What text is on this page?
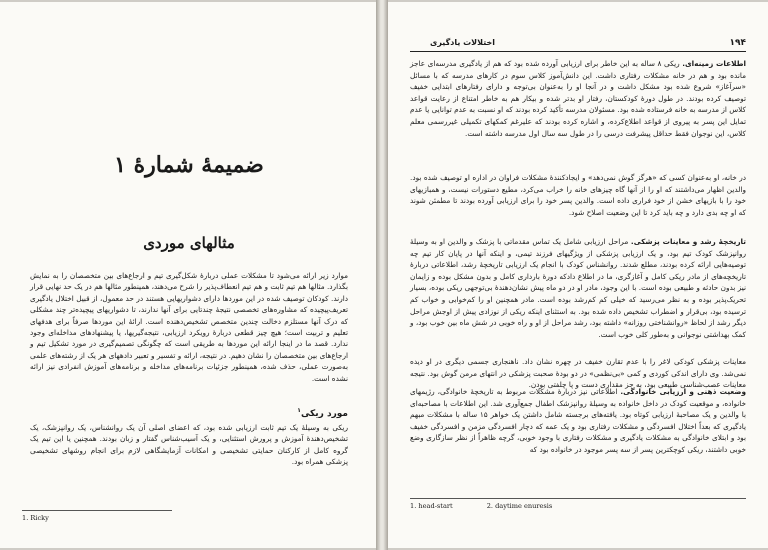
ضمیمهٔ شمارهٔ ۱
مثالهای موردی

موارد زیر ارائه می‌شود تا مشکلات عملی دربارهٔ شکل‌گیری تیم و ارجاع‌های بین متخصصان را به نمایش بگذارد. مثالها هم تیم ثابت و هم تیم انعطاف‌پذیر را شرح می‌دهند، همینطور مثالها هم در یک حد نهایی قرار دارند. کودکان توصیف شده در این موردها دارای دشواریهایی هستند در حد معمول، از قبیل اختلال یادگیری تعریف‌پیچیده که مشاوره‌های تخصصی نتیجهٔ چندتایی برای آنها ندارند، تا دشواریهای پیچیده‌تر چند مشکلی که درک آنها مستلزم دخالت چندین متخصص تشخیص‌دهنده است. ارائهٔ این موردها صرفاً برای هدفهای تعلیم و تربیت است؛ هیچ چیز قطعی دربارهٔ رویکرد ارزیابی، نتیجه‌گیریها، یا پیشنهادهای مداخله‌ای وجود ندارد. قصد ما در اینجا ارائه این موردها به طریقی است که چگونگی تصمیم‌گیری در مورد تشکیل تیم و ارجاع‌های بین متخصصان را نشان دهیم. در نتیجه، ارائه و تفسیر و تعبیر دادههای هر یک از رشته‌های علمی به‌صورت عملی، حذف شده، همینطور جزئیات برنامه‌های مداخله و برنامه‌های آموزش انفرادی نیز ارائه نشده است.

مورد ریکی$^۱$

ریکی به وسیلهٔ یک تیم ثابت ارزیابی شده بود، که اعضای اصلی آن یک روانشناس، یک روانپزشک، یک تشخیص‌دهندهٔ آموزش و پرورش استثنایی، و یک آسیب‌شناس گفتار و زبان بودند. همچنین یا این تیم یک گروه کامل از کارکنان حمایتی تشخیصی و امکانات آزمایشگاهی لازم برای انجام روشهای تشخیصی پزشکی همراه بود.

1. Ricky
۱۹۴
اختلالات یادگیری

اطلاعات زمینه‌ای. ریکی ۸ ساله به این خاطر برای ارزیابی آورده شده بود که هم از یادگیری مدرسه‌ای عاجز مانده بود و هم در خانه مشکلات رفتاری داشت. این دانش‌آموز کلاس سوم در کارهای مدرسه که با مسائل «سرآغاز» شروع شده بود مشکل داشت و در آنجا او را به‌عنوان بی‌توجه و دارای رفتارهای ابتدایی خفیف توصیف کرده بودند. در طول دورهٔ کودکستان، رفتار او بدتر شده و بیکار هم به خاطر امتناع از رعایت قواعد کلاس از مدرسه به خانه فرستاده شده بود. مسئولان مدرسه تأکید کرده بودند که او نسبت به عدم توانایی یا عدم تمایل این پسر به پیروی از قواعد اطلاع‌کرده، و اشاره کرده بودند که علیرغم کمکهای تکمیلی غیررسمی معلم کلاس، این نوجوان فقط حداقل پیشرفت درسی را در طول سه سال اول مدرسه داشته است.

در خانه، او به‌عنوان کسی که «هرگز گوش نمی‌دهد» و ایجادکنندهٔ مشکلات فراوان در اداره او توصیف شده بود. والدین اظهار می‌داشتند که او را از آنها گاه چیزهای خانه را خراب می‌کرد، مطیع دستورات نیست، و همبازیهای خود را با بازیهای خشن از خود فراری داده است. والدین پسر خود را برای ارزیابی آورده بودند تا مطمئن شوند که او چه بدی دارد و چه باید کرد تا این وضعیت اصلاح شود.

تاریخچهٔ رشد و معاینات پزشکی. مراحل ارزیابی شامل یک تماس مقدماتی با پزشک و والدین او به وسیلهٔ روانپزشک کودک تیم بود، و یک ارزیابی پزشکی از ویژگیهای فرزند تیمی، و اینکه آنها در پایان کار تیم چه توصیه‌هایی ارائه کرده بودند، مطلع شدند. روانشناس کودک با انجام یک ارزیابی تاریخچهٔ رشد، اطلاعاتی دربارهٔ تاریخچه‌های از مادر ریکی کامل و آغازگری، ما در اطلاع دادکه دورهٔ بارداری کامل و بدون مشکل بوده و زایمان نیز بدون حادثه و طبیعی بوده است. با این وجود، مادر او در دو ماه پیش نشان‌دهندهٔ بی‌توجهی ریکی بوده، بسیار تحریک‌پذیر بوده و به نظر می‌رسید که خیلی کم کم‌رشد بوده است. مادر همچنین او را کم‌خوابی و خواب کم ترسیده بود، بی‌قرار و اضطراب تشخیص داده شده بود. به استثنای اینکه ریکی از نوزادی پیش از اوجش مراحل دیگر رشد از لحاظ «روانشناختی روزانه» داشته بود، رشد مراحل از او و راه خوبی در شش ماه بین خوب بود، و کمک بهداشتی نوجوانی و به‌طور کلی خوب است.

معاینات پزشکی کودکی لاغر را با عدم تقارن خفیف در چهره نشان داد. ناهنجاری جسمی دیگری در او دیده نمی‌شد. وی دارای اندکی کوردی و کمی «بی‌نظمی» در دو بودهٔ صحبت پزشکی در انتهای مرمن گوش بود. نتیجه معاینات عصب‌شناسی طبیعی بود، به جز مقداری دست و پا چلفتی بودن.

وضعیت ذهنی و ارزیابی خانوادگی. اطلاعاتی نیز دربارهٔ مشکلات مربوط به تاریخچهٔ خانوادگی، رژیمهای خانواده، و موقعیت کودک در داخل خانواده به وسیلهٔ روانپزشک اطفال جمع‌آوری شد. این اطلاعات با مصاحبه‌ای با والدین و یک مصاحبهٔ ارزیابی کوتاه بود. یافته‌های برجسته شامل داشتن یک خواهر ۱۵ ساله با مشکلات مبهم یادگیری که بعداً اختلال افسردگی و مشکلات رفتاری بود و یک عمه که دچار افسردگی مزمن و افسردگی خفیف بود و ابتلای خانوادگی به مشکلات یادگیری و مشکلات رفتاری با وجود خوبی، گرچه ظاهراً از نظر سازگاری وضع خوبی داشتند، ریکی کوچکترین پسر از سه پسر موجود در خانواده بود که

1. head-start	2. daytime enuresis
